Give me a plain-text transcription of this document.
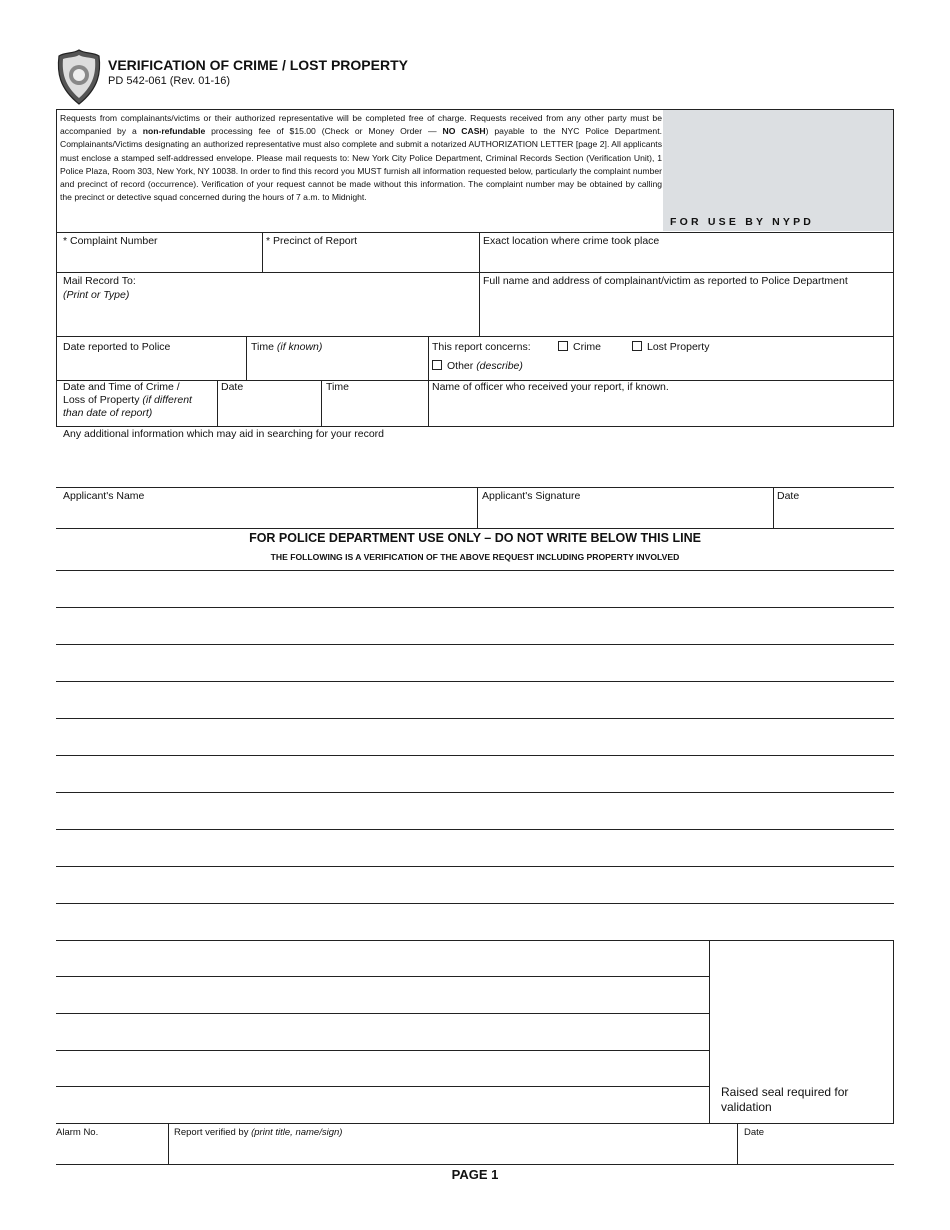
VERIFICATION OF CRIME / LOST PROPERTY
PD 542-061 (Rev. 01-16)
FOR USE BY NYPD
Requests from complainants/victims or their authorized representative will be completed free of charge. Requests received from any other party must be accompanied by a non-refundable processing fee of $15.00 (Check or Money Order — NO CASH) payable to the NYC Police Department. Complainants/Victims designating an authorized representative must also complete and submit a notarized AUTHORIZATION LETTER [page 2]. All applicants must enclose a stamped self-addressed envelope. Please mail requests to: New York City Police Department, Criminal Records Section (Verification Unit), 1 Police Plaza, Room 303, New York, NY 10038. In order to find this record you MUST furnish all information requested below, particularly the complaint number and precinct of record (occurrence). Verification of your request cannot be made without this information. The complaint number may be obtained by calling the precinct or detective squad concerned during the hours of 7 a.m. to Midnight.
* Complaint Number	* Precinct of Report	Exact location where crime took place
Mail Record To:
(Print or Type)
Full name and address of complainant/victim as reported to Police Department
Date reported to Police	Time (if known)	This report concerns:	Crime	Lost Property
Other (describe)
Date and Time of Crime /
Loss of Property (if different
than date of report)
Date	Time	Name of officer who received your report, if known.
Any additional information which may aid in searching for your record
Applicant's Name	Applicant's Signature	Date
FOR POLICE DEPARTMENT USE ONLY – DO NOT WRITE BELOW THIS LINE
THE FOLLOWING IS A VERIFICATION OF THE ABOVE REQUEST INCLUDING PROPERTY INVOLVED
Raised seal required for validation
Alarm No.	Report verified by (print title, name/sign)	Date
PAGE 1
